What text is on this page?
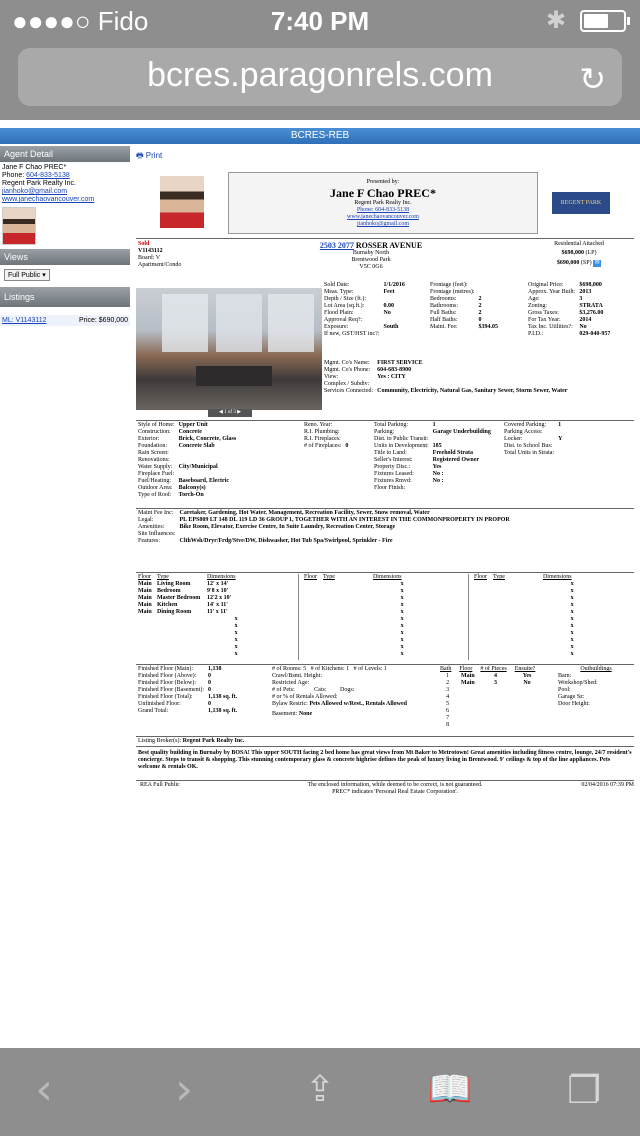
●●●●○ Fido	7:40 PM	✱
bcres.paragonrels.com	↻
BCRES-REB
Agent Detail

Jane F Chao PREC*

Phone: 604-833-5138

Regent Park Realty Inc.

jianhoko@gmail.com

www.janechaovancouver.com

Views
Full Public ▾
Listings
ML: V1143112	Price: $690,000
🖶 Print
Presented by:
Jane F Chao PREC*
Regent Park Realty Inc.
Phone: 604-833-5138
www.janechaovancouver.com
jianhoko@gmail.com
REGENT PARK
Sold
V1143112
Board: V
Apartment/Condo
2503 2077 ROSSER AVENUE
Burnaby North
Brentwood Park
V5C 0G6
Residential Attached
$698,000 (LP)
$690,000 (SP) ✉
◀ 1 of 3 ▶
Sold Date:	1/1/2016
Meas. Type:	Feet
Depth / Size (ft.):	
Lot Area (sq.ft.):	0.00
Flood Plain:	No
Approval Req?:	
Exposure:	South
If new, GST/HST inc?:	
Frontage (feet):	
Frontage (metres):	
Bedrooms:	2
Bathrooms:	2
Full Baths:	2
Half Baths:	0
Maint. Fee:	$394.05
Original Price:	$698,000
Approx. Year Built:	2013
Age:	3
Zoning:	STRATA
Gross Taxes:	$3,276.00
For Tax Year:	2014
Tax Inc. Utilities?:	No
P.I.D.:	029-040-957
Mgmt. Co's Name:	FIRST SERVICE
Mgmt. Co's Phone:	604-683-8900
View:	Yes : CITY
Complex / Subdiv:	
Services Connected:	Community, Electricity, Natural Gas, Sanitary Sewer, Storm Sewer, Water
Style of Home:	Upper Unit
Construction:	Concrete
Exterior:	Brick, Concrete, Glass
Foundation:	Concrete Slab
Rain Screen:	
Renovations:	
Water Supply:	City/Municipal
Fireplace Fuel:	
Fuel/Heating:	Baseboard, Electric
Outdoor Area:	Balcony(s)
Type of Roof:	Torch-On

Reno. Year:	
R.I. Plumbing:	
R.I. Fireplaces:	
# of Fireplaces:	0
Total Parking:	1
Parking:	Garage Underbuilding

Dist. to Public Transit:	
Units in Development:	185
Title to Land:	Freehold Strata
Seller's Interest:	Registered Owner
Property Disc.:	Yes
Fixtures Leased:	No :
Fixtures Rmvd:	No :
Floor Finish:	
Covered Parking:	1
Parking Access:	
Locker:	Y
Dist. to School Bus:	
Total Units in Strata:	
Maint Fee Inc:	Caretaker, Gardening, Hot Water, Management, Recreation Facility, Sewer, Snow removal, Water
Legal:	PL EPS809 LT 148 DL 119 LD 36 GROUP 1, TOGETHER WITH AN INTEREST IN THE COMMONPROPERTY IN PROPOR
Amenities:	Bike Room, Elevator, Exercise Centre, In Suite Laundry, Recreation Center, Storage
Site Influences:	
Features:	ClthWsh/Dryr/Frdg/Stve/DW, Dishwasher, Hot Tub Spa/Swirlpool, Sprinkler - Fire
Floor	Type	Dimensions
Main	Living Room	12' x 14'
Main	Bedroom	9'8 x 10'
Main	Master Bedroom	12'2 x 10'
Main	Kitchen	14' x 11'
Main	Dining Room	11' x 11'
		x
		x
		x
		x
		x
		x
Floor	Type	Dimensions
		x
		x
		x
		x
		x
		x
		x
		x
		x
		x
		x
Floor	Type	Dimensions
		x
		x
		x
		x
		x
		x
		x
		x
		x
		x
		x
Finished Floor (Main):	1,138
Finished Floor (Above):	0
Finished Floor (Below):	0
Finished Floor (Basement):	0
Finished Floor (Total):	1,138 sq. ft.

Unfinished Floor:	0
Grand Total:	1,138 sq. ft.
# of Rooms: 5 # of Kitchens: 1 # of Levels: 1
Crawl/Bsmt. Height:
Restricted Age:
# of Pets:	Cats: Dogs:
# or % of Rentals Allowed:
Bylaw Restric: Pets Allowed w/Rest., Rentals Allowed
Basement: None
Bath	Floor	# of Pieces	Ensuite?
1	Main	4	Yes
2	Main	3	No
3			
4			
5			
6			
7			
8			
Outbuildings
Barn:
Workshop/Shed:
Pool:
Garage Sz:
Door Height:
Listing Broker(s): Regent Park Realty Inc.
Best quality building in Burnaby by BOSA! This upper SOUTH facing 2 bed home has great views from Mt Baker to Metrotown! Great amenities including fitness centre, lounge, 24/7 resident's concierge. Steps to transit & shopping. This stunning contemporary glass & concrete highrise defines the peak of luxury living in Brentwood. 9' ceilings & top of the line appliances. Pets welcome & rentals OK.
REA Full Public	The enclosed information, while deemed to be correct, is not guaranteed.
PREC* indicates 'Personal Real Estate Corporation'.
02/04/2016 07:39 PM
‹	›	⇪	📖	❐
